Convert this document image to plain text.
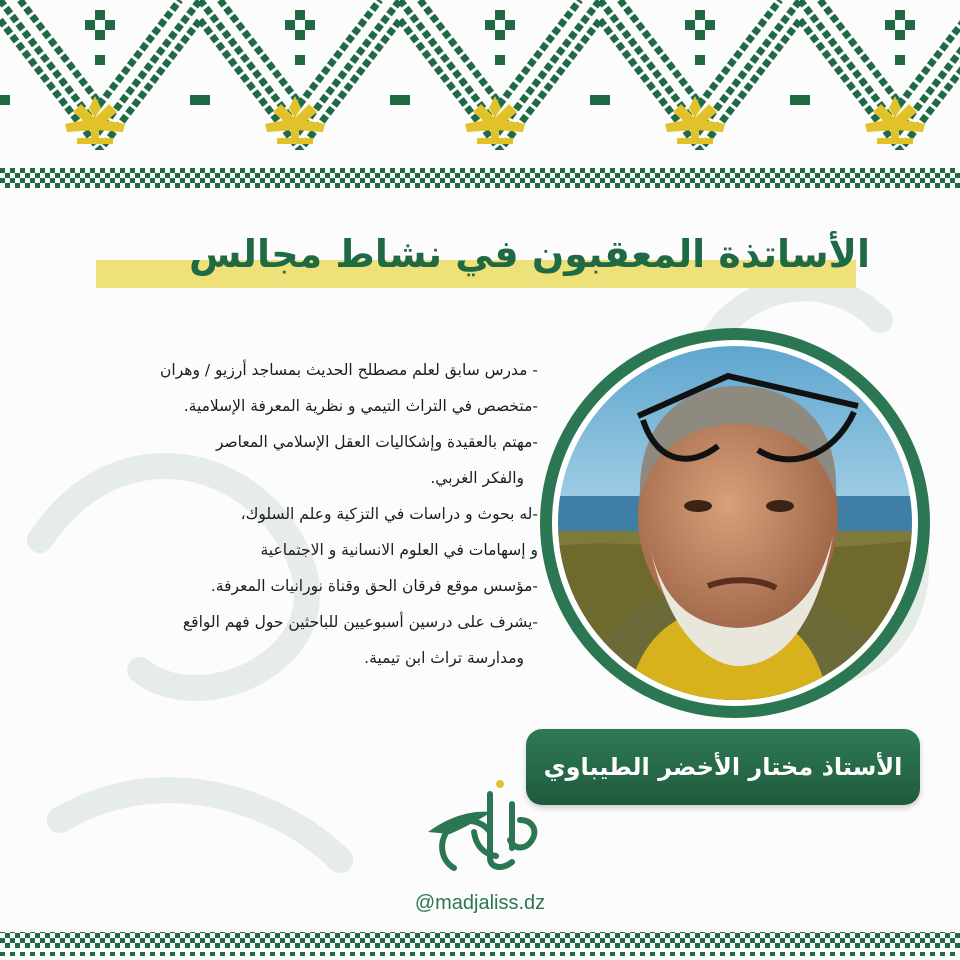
الأساتذة المعقبون في نشاط مجالس
- مدرس سابق لعلم مصطلح الحديث بمساجد أرزيو / وهران
-متخصص في التراث التيمي و نظرية المعرفة الإسلامية.
-مهتم بالعقيدة وإشكاليات العقل الإسلامي المعاصر
والفكر الغربي.
-له بحوث و دراسات في التزكية وعلم السلوك،
و إسهامات في العلوم الانسانية و الاجتماعية
-مؤسس موقع فرقان الحق وقناة نورانيات المعرفة.
-يشرف على درسين أسبوعيين للباحثين حول فهم الواقع
ومدارسة تراث ابن تيمية.
الأستاذ مختار الأخضر الطيباوي
@madjaliss.dz
